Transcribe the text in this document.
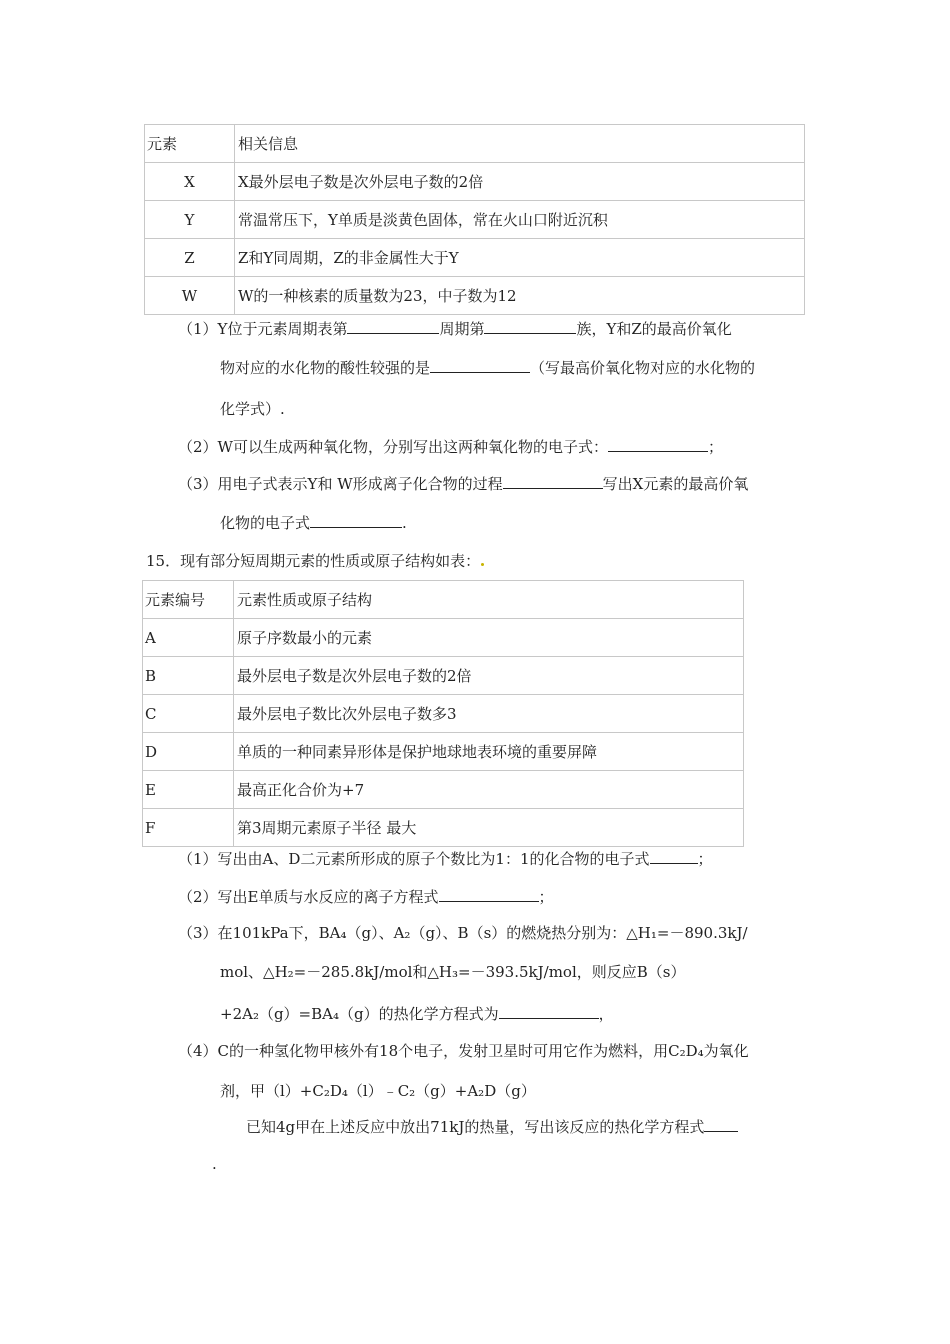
元素	相关信息
X	X最外层电子数是次外层电子数的2倍
Y	常温常压下，Y单质是淡黄色固体，常在火山口附近沉积
Z	Z和Y同周期，Z的非金属性大于Y
W	W的一种核素的质量数为23，中子数为12
（1）Y位于元素周期表第	周期第	族，Y和Z的最高价氧化
物对应的水化物的酸性较强的是	（写最高价氧化物对应的水化物的
化学式）.
（2）W可以生成两种氧化物，分别写出这两种氧化物的电子式：	；
（3）用电子式表示Y和 W形成离子化合物的过程	写出X元素的最高价氧
化物的电子式	.
15．现有部分短周期元素的性质或原子结构如表：
元素编号	元素性质或原子结构
A	原子序数最小的元素
B	最外层电子数是次外层电子数的2倍
C	最外层电子数比次外层电子数多3
D	单质的一种同素异形体是保护地球地表环境的重要屏障
E	最高正化合价为+7
F	第3周期元素原子半径 最大
（1）写出由A、D二元素所形成的原子个数比为1：1的化合物的电子式	；
（2）写出E单质与水反应的离子方程式	；
（3）在101kPa下，BA₄（g）、A₂（g）、B（s）的燃烧热分别为：△H₁=－890.3kJ/
mol、△H₂=－285.8kJ/mol和△H₃=－393.5kJ/mol，则反应B（s）
+2A₂（g）=BA₄（g）的热化学方程式为	，
（4）C的一种氢化物甲核外有18个电子，发射卫星时可用它作为燃料，用C₂D₄为氧化
剂，甲（l）+C₂D₄（l）﹣C₂（g）+A₂D（g）
已知4g甲在上述反应中放出71kJ的热量，写出该反应的热化学方程式
.
